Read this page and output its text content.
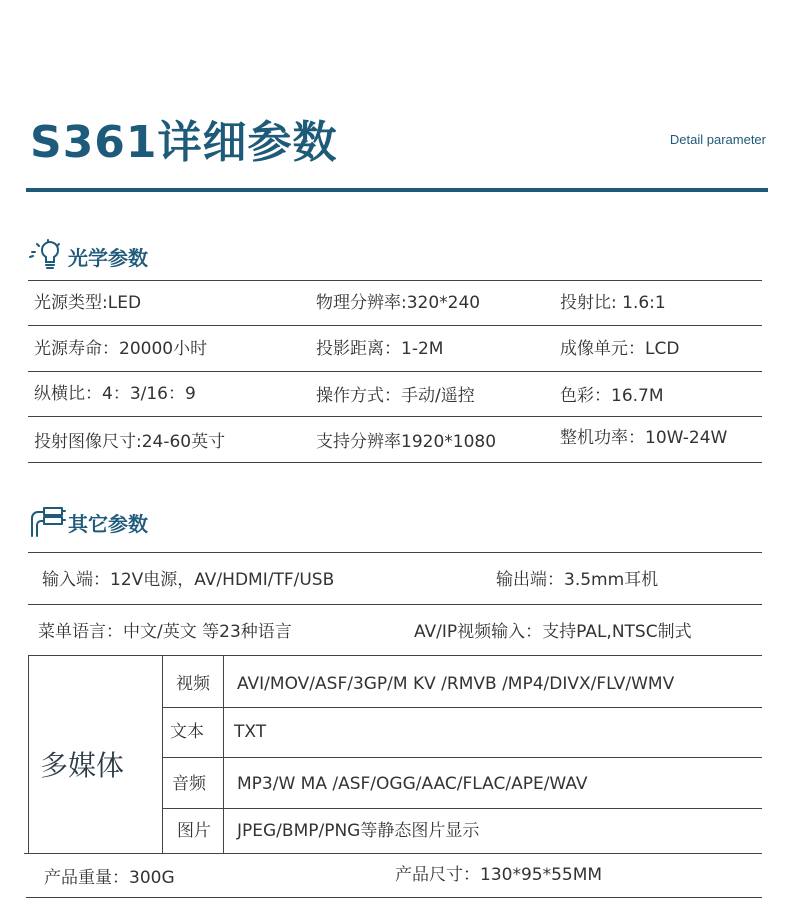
S361详细参数	Detail parameter
光学参数
光源类型:LED	物理分辨率:320*240	投射比: 1.6:1
光源寿命：20000小时	投影距离：1-2M	成像单元：LCD
纵横比：4：3/16：9	操作方式：手动/遥控	色彩：16.7M
投射图像尺寸:24-60英寸	支持分辨率1920*1080	整机功率：10W-24W
其它参数
输入端：12V电源，AV/HDMI/TF/USB	输出端：3.5mm耳机
菜单语言：中文/英文 等23种语言	AV/IP视频输入：支持PAL,NTSC制式
多媒体
视频 AVI/MOV/ASF/3GP/M KV /RMVB /MP4/DIVX/FLV/WMV
文本 TXT
音频 MP3/W MA /ASF/OGG/AAC/FLAC/APE/WAV
图片 JPEG/BMP/PNG等静态图片显示
产品重量：300G	产品尺寸：130*95*55MM
